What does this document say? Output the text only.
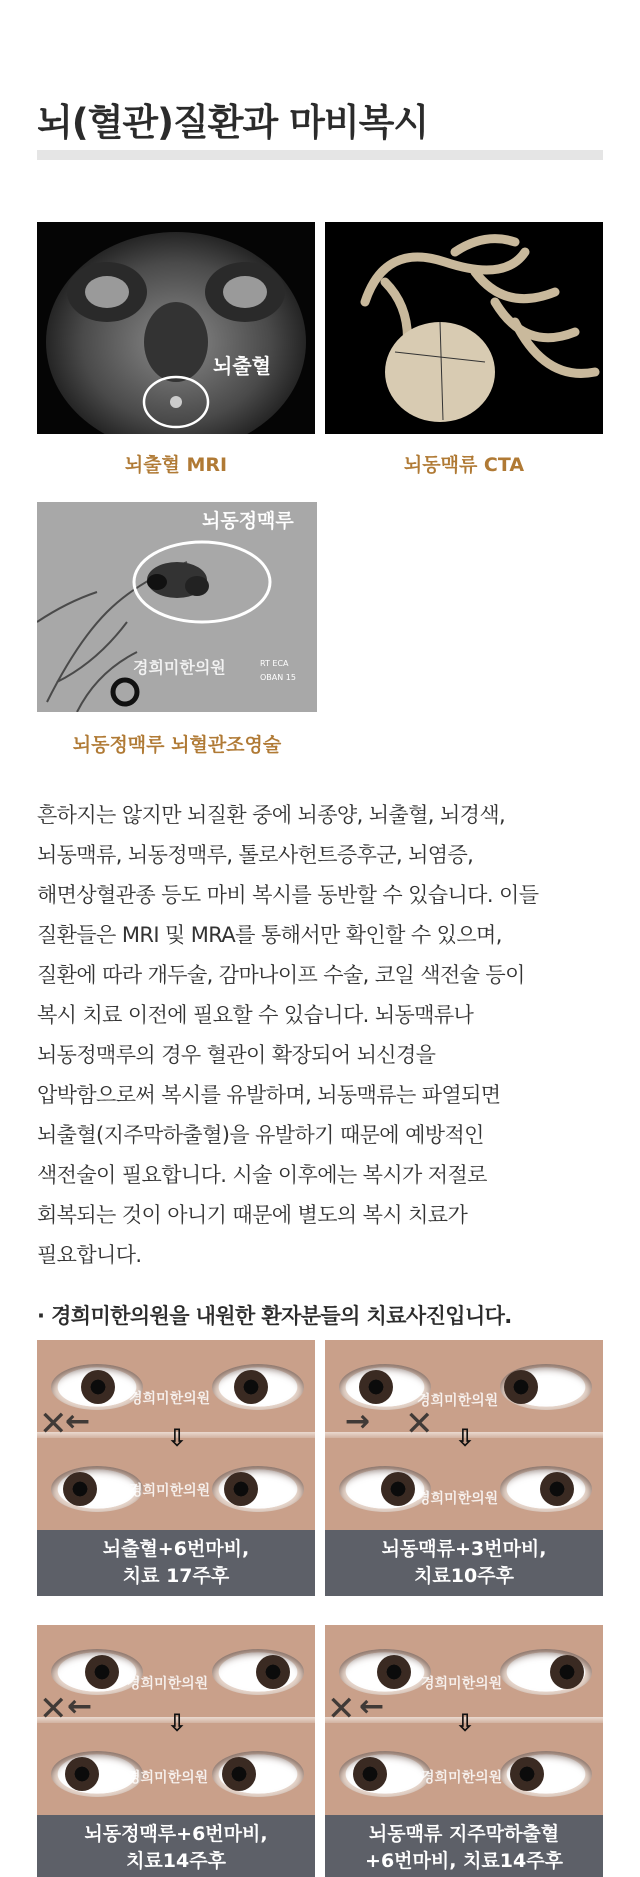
뇌(혈관)질환과 마비복시
뇌출혈
뇌출혈 MRI	뇌동맥류 CTA
뇌동정맥루
경희미한의원	RT ECA
OBAN 15
뇌동정맥루 뇌혈관조영술

흔하지는 않지만 뇌질환 중에 뇌종양, 뇌출혈, 뇌경색,

뇌동맥류, 뇌동정맥루, 톨로사헌트증후군, 뇌염증,

해면상혈관종 등도 마비 복시를 동반할 수 있습니다. 이들

질환들은 MRI 및 MRA를 통해서만 확인할 수 있으며,

질환에 따라 개두술, 감마나이프 수술, 코일 색전술 등이

복시 치료 이전에 필요할 수 있습니다. 뇌동맥류나

뇌동정맥루의 경우 혈관이 확장되어 뇌신경을

압박함으로써 복시를 유발하며, 뇌동맥류는 파열되면

뇌출혈(지주막하출혈)을 유발하기 때문에 예방적인

색전술이 필요합니다. 시술 이후에는 복시가 저절로

회복되는 것이 아니기 때문에 별도의 복시 치료가

필요합니다.

· 경희미한의원을 내원한 환자분들의 치료사진입니다.
경희미한의원
경희미한의원
✕
←	⇩
뇌출혈+6번마비,
치료 17주후
경희미한의원
경희미한의원
→ ✕ ⇩
뇌동맥류+3번마비,
치료10주후
경희미한의원
경희미한의원
✕ ←	⇩
뇌동정맥루+6번마비,
치료14주후
경희미한의원
경희미한의원
✕ ←	⇩
뇌동맥류 지주막하출혈
+6번마비, 치료14주후
